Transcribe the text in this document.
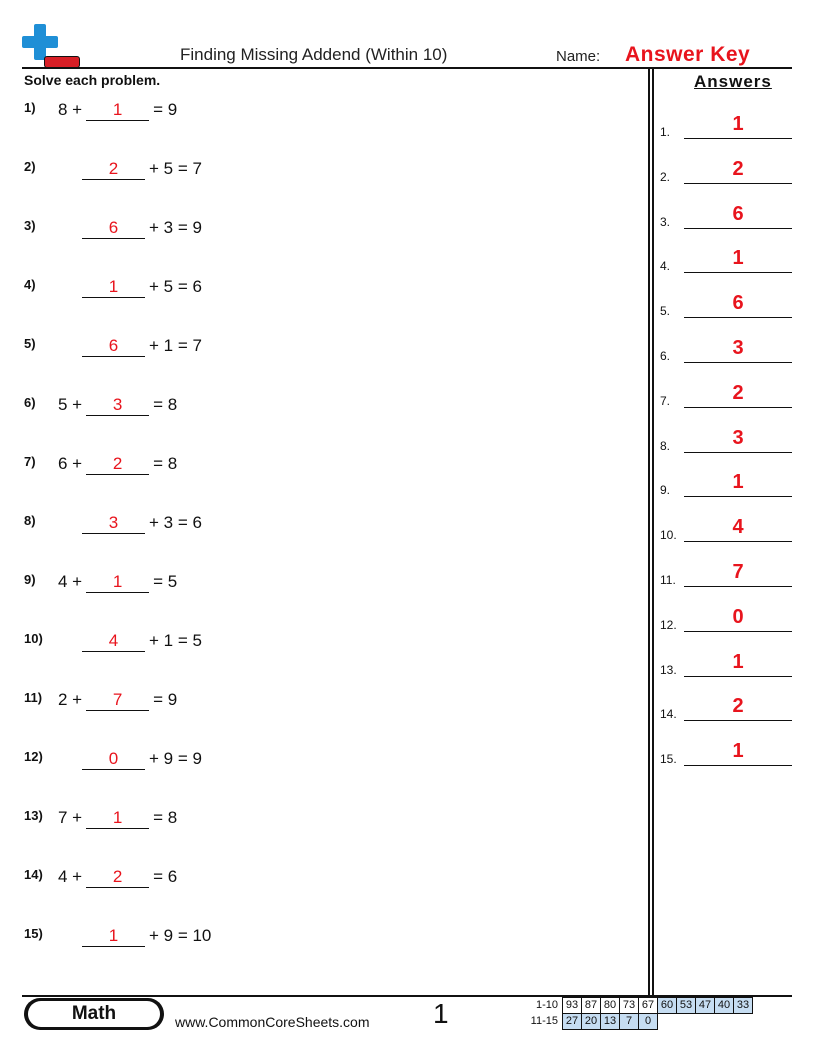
Finding Missing Addend (Within 10)	Name: Answer Key
Solve each problem.	Answers
1)	8 +	1	= 9
2)	2	+ 5 = 7
3)	6	+ 3 = 9
4)	1	+ 5 = 6
5)	6	+ 1 = 7
6)	5 +	3	= 8
7)	6 +	2	= 8
8)	3	+ 3 = 6
9)	4 +	1	= 5
10)	4	+ 1 = 5
11) 2 +	7	= 9
12)	0	+ 9 = 9
13) 7 +	1	= 8
14) 4 +	2	= 6
15)	1	+ 9 = 10
1.	1
2.	2
3.	6
4.	1
5.	6
6.	3
7.	2
8.	3
9.	1
10.	4
11.	7
12.	0
13.	1
14.	2
15.	1
Math	www.CommonCoreSheets.com 1	1-10	93	87	80	73	67	60	53	47	40	33
11-15	27	20	13	7	0					
